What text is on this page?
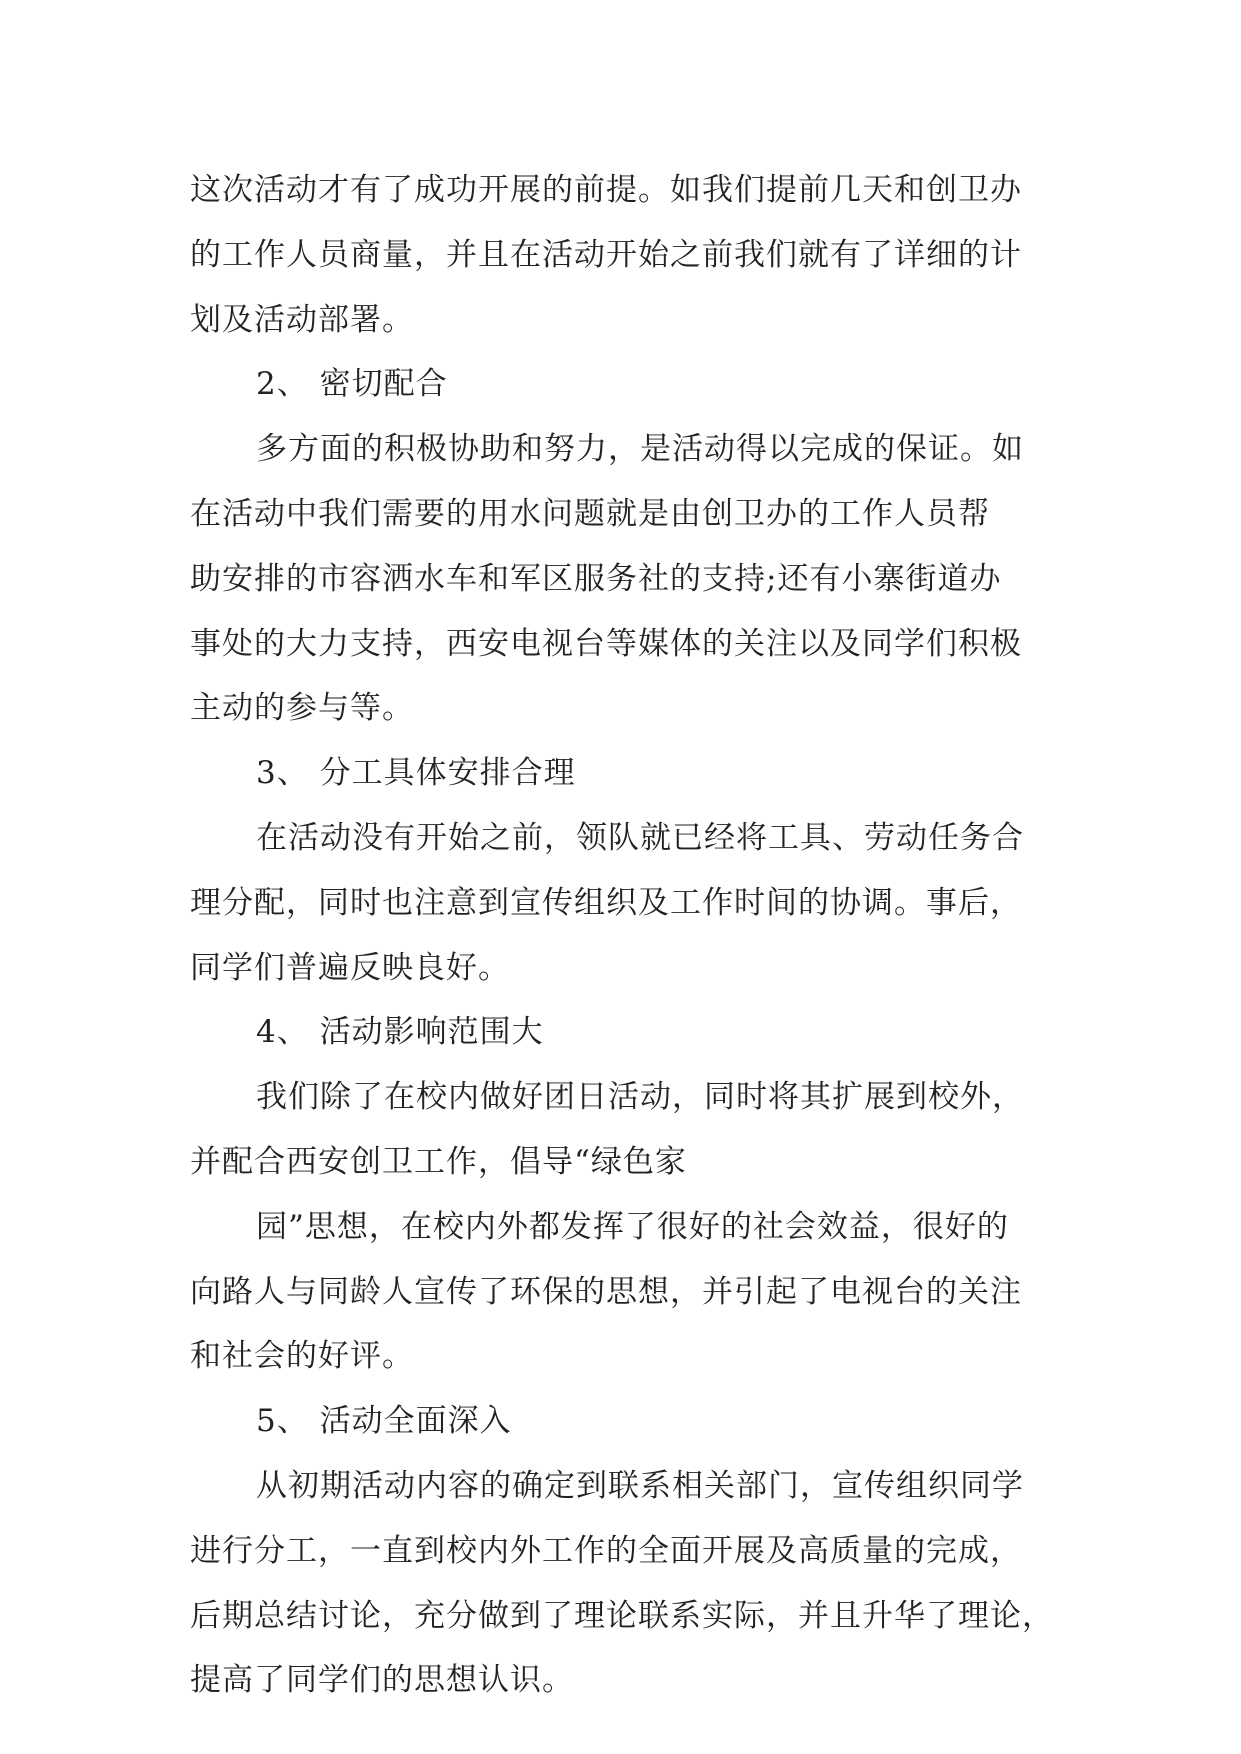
这次活动才有了成功开展的前提。如我们提前几天和创卫办
的工作人员商量，并且在活动开始之前我们就有了详细的计
划及活动部署。
2、 密切配合
多方面的积极协助和努力，是活动得以完成的保证。如
在活动中我们需要的用水问题就是由创卫办的工作人员帮
助安排的市容洒水车和军区服务社的支持;还有小寨街道办
事处的大力支持，西安电视台等媒体的关注以及同学们积极
主动的参与等。
3、 分工具体安排合理
在活动没有开始之前，领队就已经将工具、劳动任务合
理分配，同时也注意到宣传组织及工作时间的协调。事后，
同学们普遍反映良好。
4、 活动影响范围大
我们除了在校内做好团日活动，同时将其扩展到校外，
并配合西安创卫工作，倡导“绿色家
园”思想，在校内外都发挥了很好的社会效益，很好的
向路人与同龄人宣传了环保的思想，并引起了电视台的关注
和社会的好评。
5、 活动全面深入
从初期活动内容的确定到联系相关部门，宣传组织同学
进行分工，一直到校内外工作的全面开展及高质量的完成，
后期总结讨论，充分做到了理论联系实际，并且升华了理论，
提高了同学们的思想认识。
